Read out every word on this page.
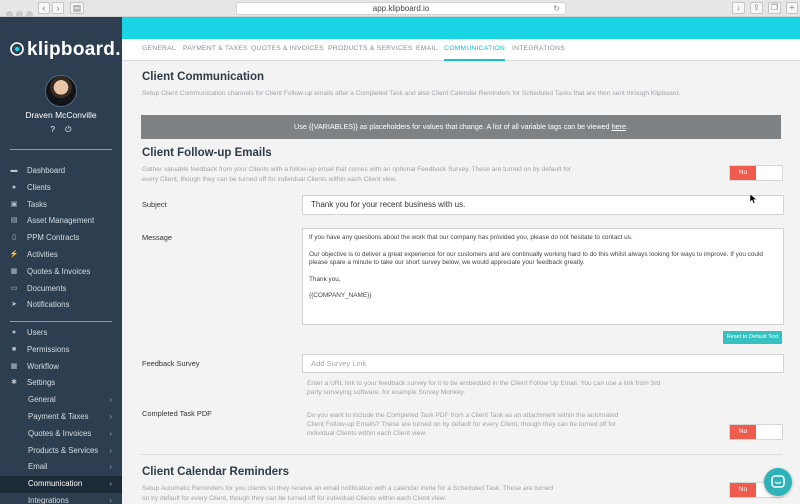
‹	›	▤	app.klipboard.io	↻	↓	⇪	❐	+
klipboard.
Draven McConville
? ⏻
▬ Dashboard
●	Clients
▣ Tasks
▤ Asset Management
▯	PPM Contracts
⚡ Activities
▦ Quotes & Invoices
▭ Documents
➤ Notifications
●	Users
■	Permissions
▦ Workflow
✱ Settings
General	›
Payment & Taxes	›
Quotes & Invoices ›
Products & Services ›
Email	›
Communication	›
Integrations	›
GENERAL PAYMENT & TAXES QUOTES & INVOICES PRODUCTS & SERVICES EMAIL COMMUNICATION INTEGRATIONS
Client Communication
Setup Client Communication channels for Client Follow-up emails after a Completed Task and also Client Calendar Reminders for Scheduled Tasks that are then sent through Klipboard.
Use {{VARIABLES}} as placeholders for values that change. A list of all variable tags can be viewed here.
Client Follow-up Emails
Gather valuable feedback from your Clients with a follow-up email that comes with an optional Feedback Survey. These are turned on by default for every Client, though they can be turned off for individual Clients within each Client view.
No
Subject	Thank you for your recent business with us.
Message	If you have any questions about the work that our company has provided you, please do not hesitate to contact us.

Our objective is to deliver a great experience for our customers and are continually working hard to do this whilst always looking for ways to improve. If you could please spare a minute to take our short survey below, we would appreciate your feedback greatly.

Thank you,

{{COMPANY_NAME}}

Reset to Default Text
Feedback Survey	Add Survey Link
Enter a URL link to your feedback survey for it to be embedded in the Client Follow Up Email. You can use a link from 3rd party surveying software, for example Survey Monkey.
Completed Task PDF	Do you want to include the Completed Task PDF from a Client Task as an attachment within the automated Client Follow-up Emails? These are turned on by default for every Client, though they can be turned off for individual Clients within each Client view.	No
Client Calendar Reminders
Setup Automatic Reminders for you clients so they receive an email notification with a calendar invite for a Scheduled Task. These are turned on by default for every Client, though they can be turned off for individual Clients within each Client view.
No
